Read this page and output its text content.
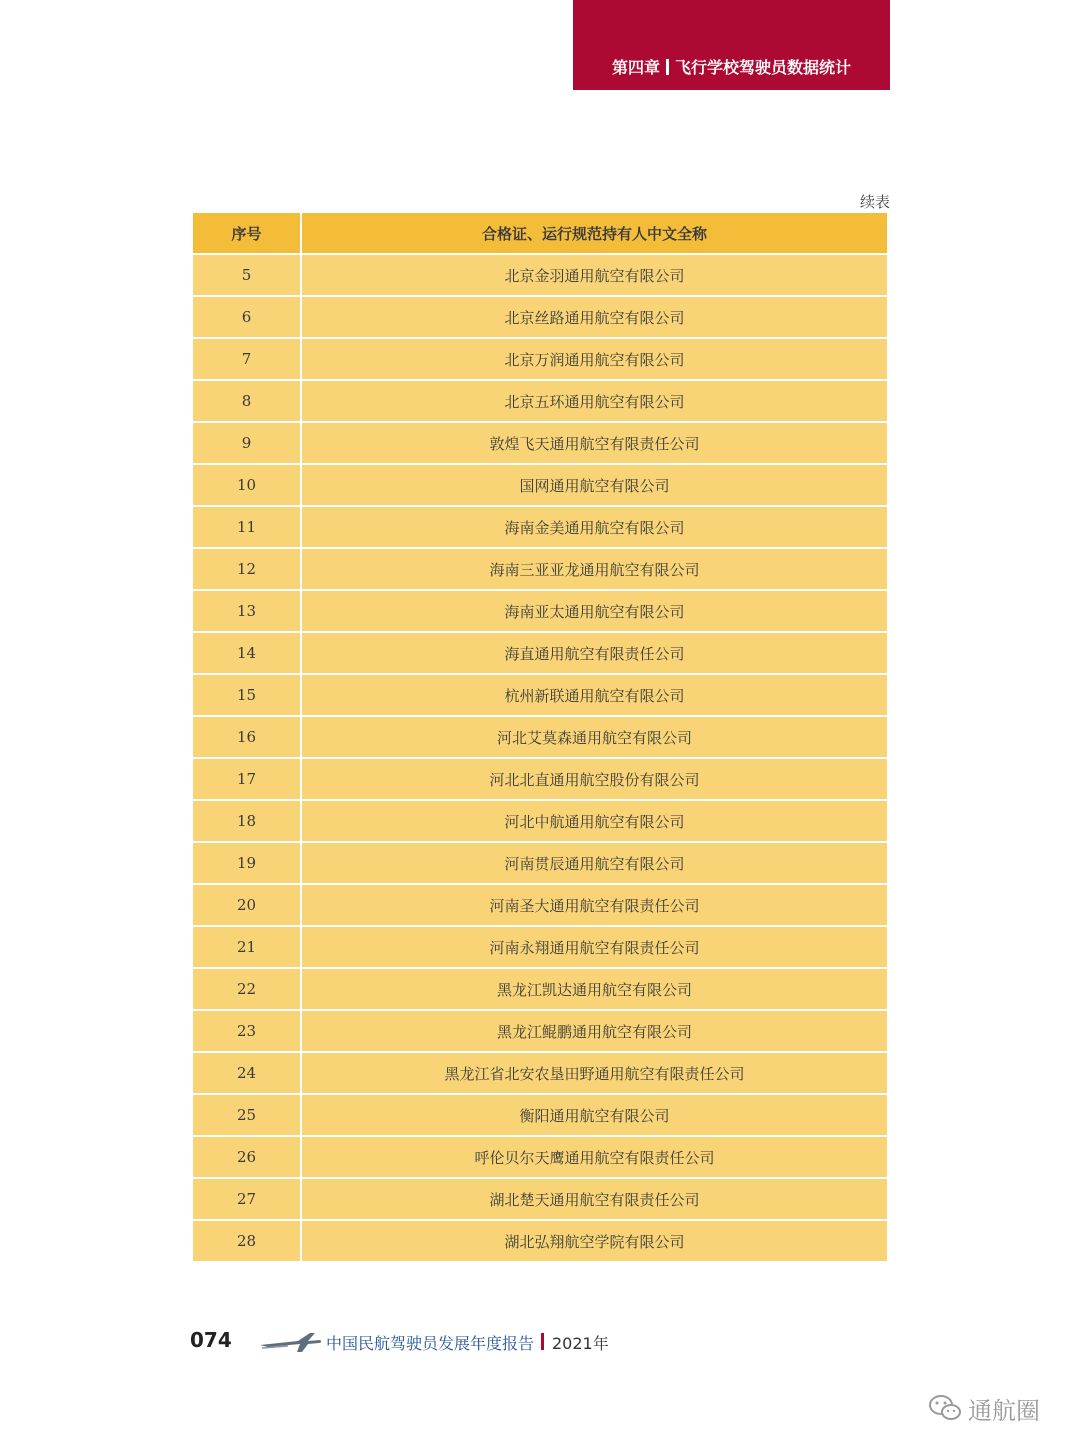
第四章 飞行学校驾驶员数据统计
续表
序号	合格证、运行规范持有人中文全称
5	北京金羽通用航空有限公司
6	北京丝路通用航空有限公司
7	北京万润通用航空有限公司
8	北京五环通用航空有限公司
9	敦煌飞天通用航空有限责任公司
10	国网通用航空有限公司
11	海南金美通用航空有限公司
12	海南三亚亚龙通用航空有限公司
13	海南亚太通用航空有限公司
14	海直通用航空有限责任公司
15	杭州新联通用航空有限公司
16	河北艾莫森通用航空有限公司
17	河北北直通用航空股份有限公司
18	河北中航通用航空有限公司
19	河南贯辰通用航空有限公司
20	河南圣大通用航空有限责任公司
21	河南永翔通用航空有限责任公司
22	黑龙江凯达通用航空有限公司
23	黑龙江鲲鹏通用航空有限公司
24	黑龙江省北安农垦田野通用航空有限责任公司
25	衡阳通用航空有限公司
26	呼伦贝尔天鹰通用航空有限责任公司
27	湖北楚天通用航空有限责任公司
28	湖北弘翔航空学院有限公司
074	中国民航驾驶员发展年度报告 2021年
通航圈
